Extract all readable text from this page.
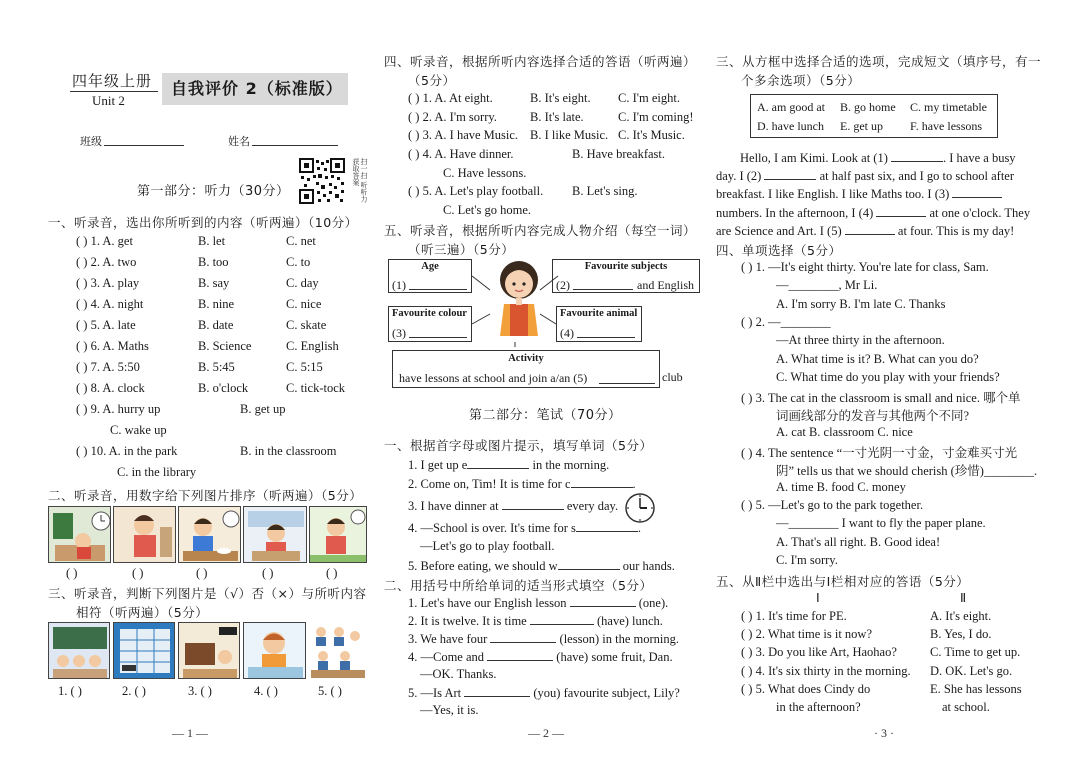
四年级上册
Unit 2
自我评价 2（标准版）
班级	姓名
扫一扫 听听力 获取答案
第一部分：听力（30分）
一、听录音，选出你所听到的内容（听两遍）（10分）
( ) 1. A. get	B. let	C. net
( ) 2. A. two	B. too	C. to
( ) 3. A. play	B. say	C. day
( ) 4. A. night	B. nine	C. nice
( ) 5. A. late	B. date	C. skate
( ) 6. A. Maths	B. Science	C. English
( ) 7. A. 5:50	B. 5:45	C. 5:15
( ) 8. A. clock	B. o'clock	C. tick-tock
( ) 9. A. hurry up	B. get up
C. wake up
( ) 10. A. in the park	B. in the classroom
C. in the library
二、听录音，用数字给下列图片排序（听两遍）（5分）
( )	( )	( )	( )	( )
三、听录音，判断下列图片是（√）否（×）与所听内容
相符（听两遍）（5分）
1. ( )	2. ( )	3. ( )	4. ( )	5. ( )
— 1 —
四、听录音，根据所听内容选择合适的答语（听两遍）
（5分）
( ) 1. A. At eight.	B. It's eight. C. I'm eight.
( ) 2. A. I'm sorry.	B. It's late.	C. I'm coming!
( ) 3. A. I have Music. B. I like Music. C. It's Music.
( ) 4. A. Have dinner.	B. Have breakfast.
C. Have lessons.
( ) 5. A. Let's play football. B. Let's sing.
C. Let's go home.
五、听录音，根据所听内容完成人物介绍（每空一词）
（听三遍）（5分）
Age
(1)
Favourite subjects
(2)	and English
Favourite colour
(3)
Favourite animal
(4)
Activity
have lessons at school and join a/an (5)	club
第二部分：笔试（70分）
一、根据首字母或图片提示，填写单词（5分）
1. I get up e	in the morning.
2. Come on, Tim! It is time for c	.
3. I have dinner at	every day.
4. —School is over. It's time for s	.
—Let's go to play football.
5. Before eating, we should w	our hands.
二、用括号中所给单词的适当形式填空（5分）
1. Let's have our English lesson	(one).
2. It is twelve. It is time	(have) lunch.
3. We have four	(lesson) in the morning.
4. —Come and	(have) some fruit, Dan.
—OK. Thanks.
5. —Is Art	(you) favourite subject, Lily?
—Yes, it is.
— 2 —
三、从方框中选择合适的选项，完成短文（填序号，有一
个多余选项）（5分）
A. am good at B. go home C. my timetable
D. have lunch E. get up F. have lessons
Hello, I am Kimi. Look at (1)	. I have a busy
day. I (2)	at half past six, and I go to school after
breakfast. I like English. I like Maths too. I (3)
numbers. In the afternoon, I (4)	at one o'clock. They
are Science and Art. I (5)	at four. This is my day!
四、单项选择（5分）
( ) 1. —It's eight thirty. You're late for class, Sam.
—________, Mr Li.
A. I'm sorry B. I'm late C. Thanks
( ) 2. —________
—At three thirty in the afternoon.
A. What time is it? B. What can you do?
C. What time do you play with your friends?
( ) 3. The cat in the classroom is small and nice. 哪个单
词画线部分的发音与其他两个不同?
A. cat B. classroom C. nice
( ) 4. The sentence “一寸光阴一寸金，寸金难买寸光
阴” tells us that we should cherish (珍惜)________.
A. time B. food C. money
( ) 5. —Let's go to the park together.
—________ I want to fly the paper plane.
A. That's all right. B. Good idea!
C. I'm sorry.
五、从Ⅱ栏中选出与Ⅰ栏相对应的答语（5分）
Ⅰ	Ⅱ
( ) 1. It's time for PE.	A. It's eight.
( ) 2. What time is it now?	B. Yes, I do.
( ) 3. Do you like Art, Haohao?	C. Time to get up.
( ) 4. It's six thirty in the morning. D. OK. Let's go.
( ) 5. What does Cindy do	E. She has lessons
in the afternoon?	at school.
· 3 ·
